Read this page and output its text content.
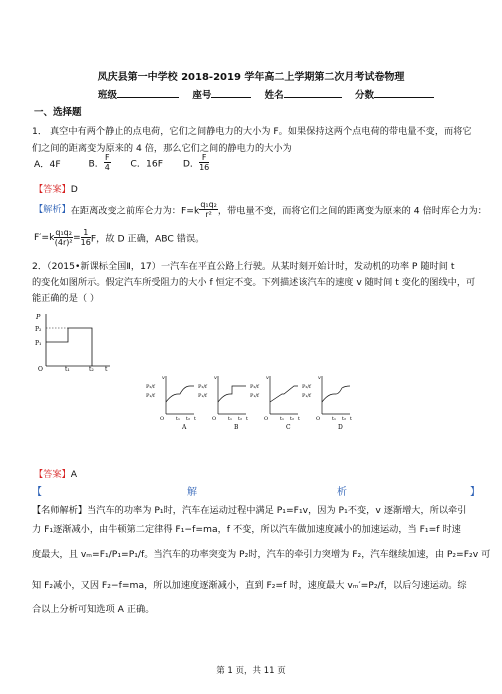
凤庆县第一中学校 2018-2019 学年高二上学期第二次月考试卷物理
班级	座号	姓名	分数
一、选择题
1． 真空中有两个静止的点电荷，它们之间静电力的大小为 F。如果保持这两个点电荷的带电量不变，而将它
们之间的距离变为原来的 4 倍，那么它们之间的静电力的大小为
A．4F	B． $\frac{F}{4}$ C．16F D． $\frac{F}{16}$
【答案】D
【解析】在距离改变之前库仑力为：$F=k \frac{\text{q₁q₂}}{\text{r²}}$ ，带电量不变，而将它们之间的距离变为原来的 4 倍时库仑力为：
$F'=k \frac{\text{q₁q₂}}{\text{(4r)²}} = \frac{1}{16}$ F，故 D 正确，ABC 错误。
2．（2015•新课标全国Ⅱ，17）一汽车在平直公路上行驶。从某时刻开始计时，发动机的功率 P 随时间 t
的变化如图所示。假定汽车所受阻力的大小 f 恒定不变。下列描述该汽车的速度 v 随时间 t 变化的图线中，可
能正确的是（ ）
P
P₂
P₁
O	t₁	t₂ t
v
P₂/f
P₁/f
O t₁ t₂ t
A
v
P₂/f
P₁/f
O t₁ t₂ t
B
v
P₂/f
P₁/f
O t₁ t₂ t
C
v
P₂/f
P₁/f
O t₁ t₂ t
D
【答案】A
【	解	析	】
【名师解析】当汽车的功率为 P₁时，汽车在运动过程中满足 P₁=F₁v，因为 P₁不变，v 逐渐增大，所以牵引
力 F₁逐渐减小，由牛顿第二定律得 F₁−f=ma，f 不变，所以汽车做加速度减小的加速运动，当 F₁=f 时速
度最大，且 vₘ=F₁/P₁=P₁/f。当汽车的功率突变为 P₂时，汽车的牵引力突增为 F₂，汽车继续加速，由 P₂=F₂v 可
知 F₂减小，又因 F₂−f=ma，所以加速度逐渐减小，直到 F₂=f 时，速度最大 vₘ′=P₂/f，以后匀速运动。综
合以上分析可知选项 A 正确。
第 1 页，共 11 页
